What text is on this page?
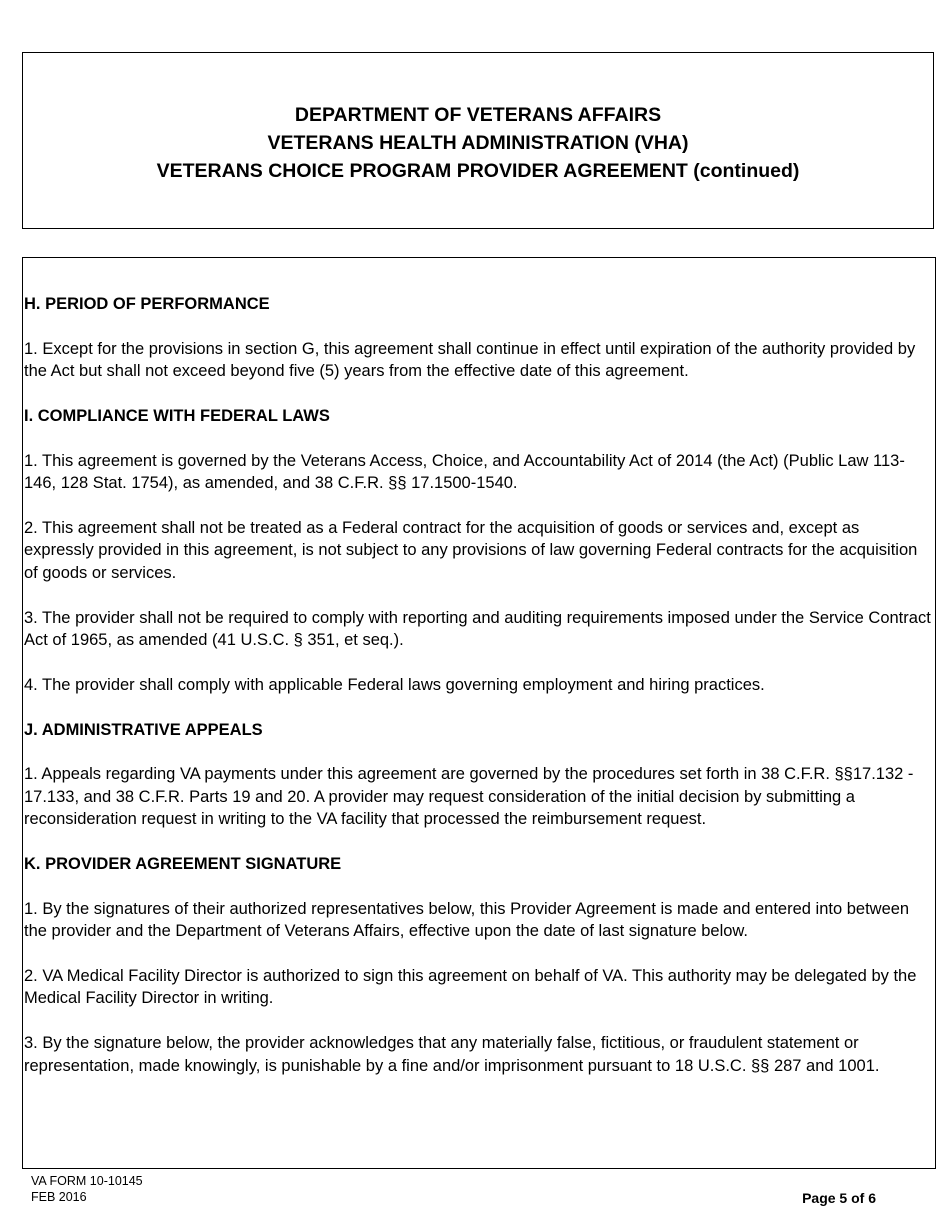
DEPARTMENT OF VETERANS AFFAIRS
VETERANS HEALTH ADMINISTRATION (VHA)
VETERANS CHOICE PROGRAM PROVIDER AGREEMENT (continued)
H. PERIOD OF PERFORMANCE
1. Except for the provisions in section G, this agreement shall continue in effect until expiration of the authority provided by the Act but shall not exceed beyond five (5) years from the effective date of this agreement.
I. COMPLIANCE WITH FEDERAL LAWS
1. This agreement is governed by the Veterans Access, Choice, and Accountability Act of 2014 (the Act) (Public Law 113-146, 128 Stat. 1754), as amended, and 38 C.F.R. §§ 17.1500-1540.
2. This agreement shall not be treated as a Federal contract for the acquisition of goods or services and, except as expressly provided in this agreement, is not subject to any provisions of law governing Federal contracts for the acquisition of goods or services.
3. The provider shall not be required to comply with reporting and auditing requirements imposed under the Service Contract Act of 1965, as amended (41 U.S.C. § 351, et seq.).
4. The provider shall comply with applicable Federal laws governing employment and hiring practices.
J. ADMINISTRATIVE APPEALS
1. Appeals regarding VA payments under this agreement are governed by the procedures set forth in 38 C.F.R. §§17.132 - 17.133, and 38 C.F.R. Parts 19 and 20. A provider may request consideration of the initial decision by submitting a reconsideration request in writing to the VA facility that processed the reimbursement request.
K. PROVIDER AGREEMENT SIGNATURE
1. By the signatures of their authorized representatives below, this Provider Agreement is made and entered into between the provider and the Department of Veterans Affairs, effective upon the date of last signature below.
2. VA Medical Facility Director is authorized to sign this agreement on behalf of VA. This authority may be delegated by the Medical Facility Director in writing.
3. By the signature below, the provider acknowledges that any materially false, fictitious, or fraudulent statement or representation, made knowingly, is punishable by a fine and/or imprisonment pursuant to 18 U.S.C. §§ 287 and 1001.
VA FORM 10-10145
FEB 2016	Page 5 of 6
